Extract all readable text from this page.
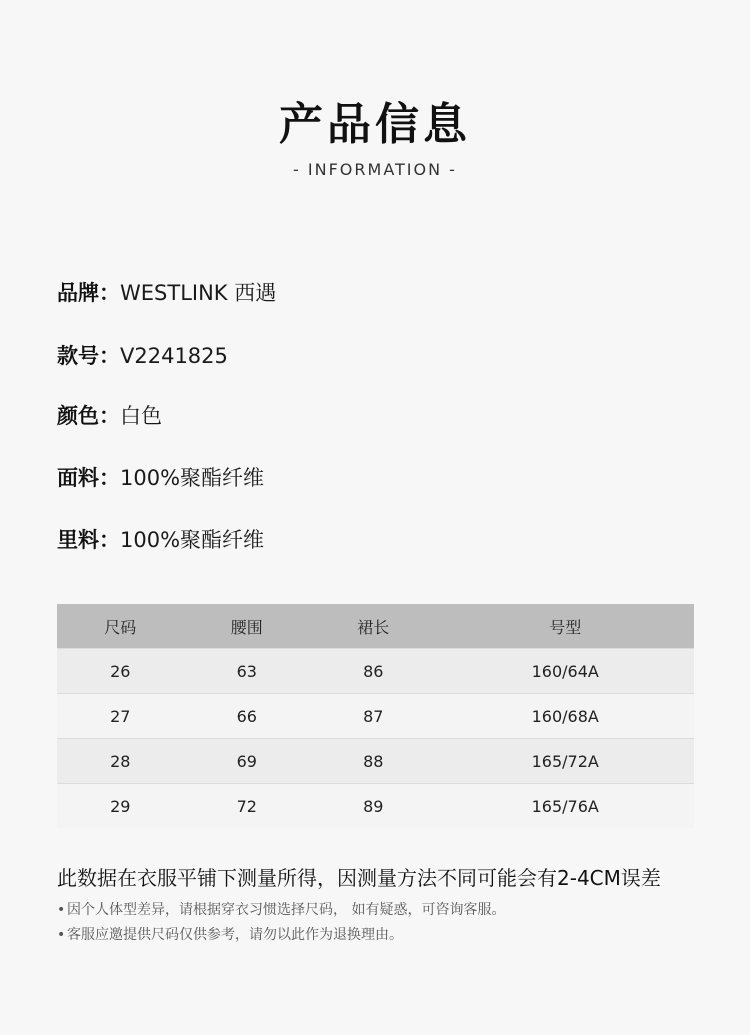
产品信息
- INFORMATION -
品牌：WESTLINK 西遇
款号：V2241825
颜色：白色
面料：100%聚酯纤维
里料：100%聚酯纤维
尺码	腰围	裙长	号型
26	63	86	160/64A
27	66	87	160/68A
28	69	88	165/72A
29	72	89	165/76A
此数据在衣服平铺下测量所得，因测量方法不同可能会有2-4CM误差
• 因个人体型差异，请根据穿衣习惯选择尺码， 如有疑惑，可咨询客服。
• 客服应邀提供尺码仅供参考，请勿以此作为退换理由。
